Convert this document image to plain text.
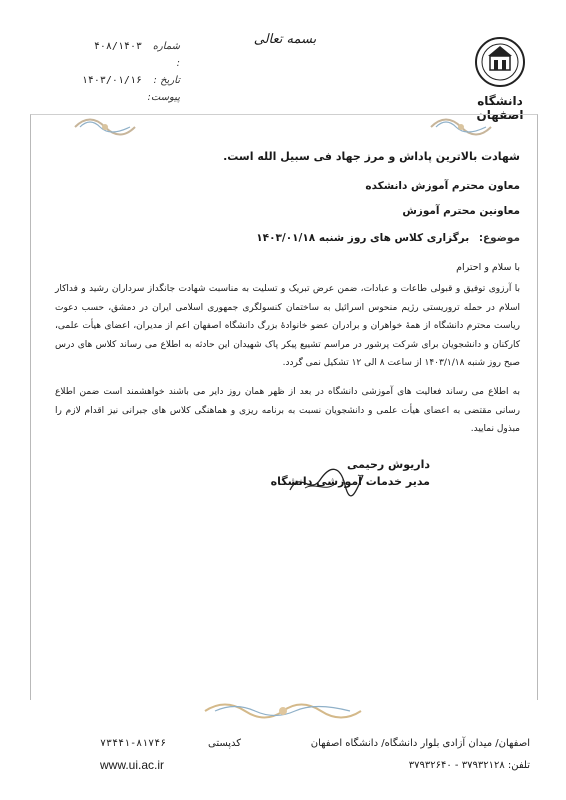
شماره :
۴۰۸/۱۴۰۳
تاریخ :
۱۴۰۳/۰۱/۱۶
پیوست:
بسمه تعالی
دانشگاه اصفهان
شهادت بالاترین پاداش و مرز جهاد فی سبیل الله است.
معاون محترم آموزش دانشکده
معاونین محترم آموزش
موضوع: برگزاری کلاس های روز شنبه ۱۴۰۳/۰۱/۱۸
با سلام و احترام
با آرزوی توفیق و قبولی طاعات و عبادات، ضمن عرض تبریک و تسلیت به مناسبت شهادت جانگداز سرداران رشید و فداکار اسلام در حمله تروریستی رژیم منحوس اسرائیل به ساختمان کنسولگری جمهوری اسلامی ایران در دمشق، حسب دعوت ریاست محترم دانشگاه از همهٔ خواهران و برادران عضو خانوادهٔ بزرگ دانشگاه اصفهان اعم از مدیران، اعضای هیأت علمی، کارکنان و دانشجویان برای شرکت پرشور در مراسم تشییع پیکر پاک شهیدان این حادثه به اطلاع می رساند کلاس های درس صبح روز شنبه ۱۴۰۳/۱/۱۸ از ساعت ۸ الی ۱۲ تشکیل نمی گردد.
به اطلاع می رساند فعالیت های آموزشی دانشگاه در بعد از ظهر همان روز دایر می باشند خواهشمند است ضمن اطلاع رسانی مقتضی به اعضای هیأت علمی و دانشجویان نسبت به برنامه ریزی و هماهنگی کلاس های جبرانی نیز اقدام لازم را مبذول نمایید.
داریوش رحیمی
مدیر خدمات آموزشی دانشگاه
اصفهان/ میدان آزادی بلوار دانشگاه/ دانشگاه اصفهان
کدپستی
۷۳۴۴۱-۸۱۷۴۶
تلفن: ۳۷۹۳۲۱۲۸ - ۳۷۹۳۲۶۴۰
www.ui.ac.ir
